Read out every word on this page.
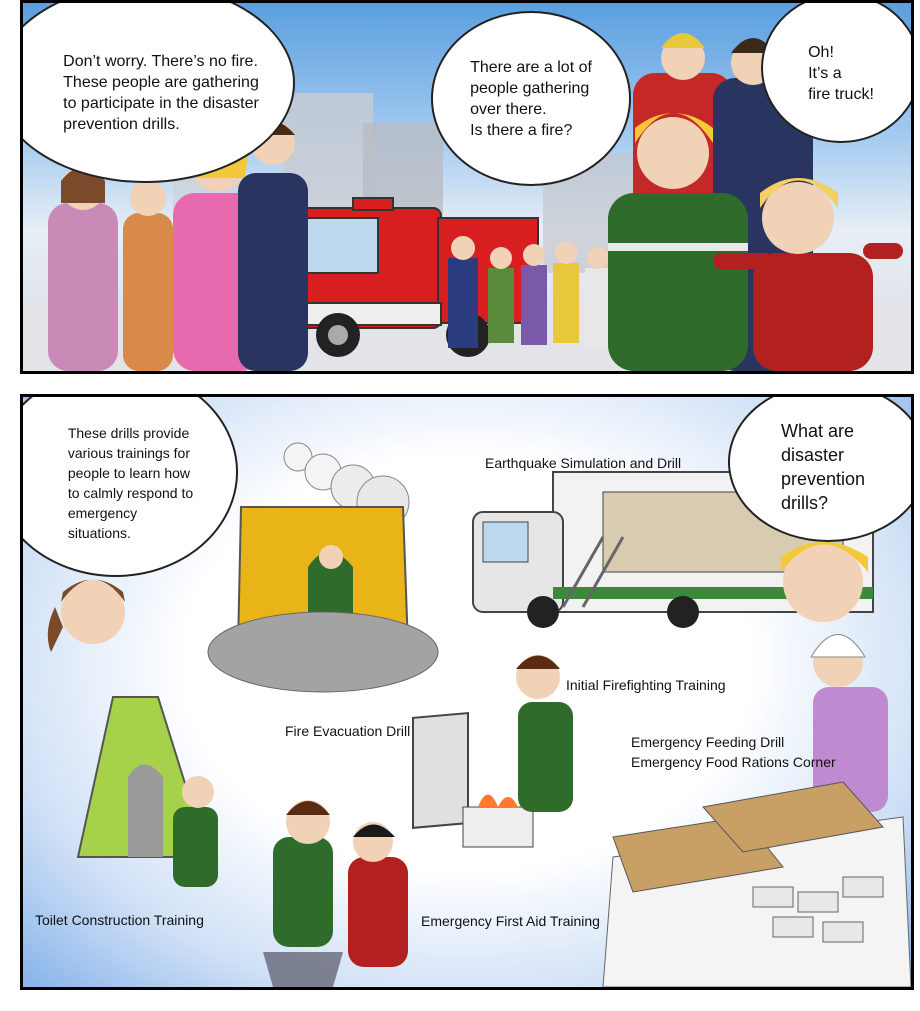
Don’t worry. There’s no fire.
These people are gathering
to participate in the disaster
prevention drills.
There are a lot of
people gathering
over there.
Is there a fire?
Oh!
It’s a
fire truck!
These drills provide
various trainings for
people to learn how
to calmly respond to
emergency
situations.
What are
disaster
prevention
drills?
Earthquake Simulation and Drill
Initial Firefighting Training
Fire Evacuation Drill
Emergency Feeding Drill
Emergency Food Rations Corner
Toilet Construction Training	Emergency First Aid Training
